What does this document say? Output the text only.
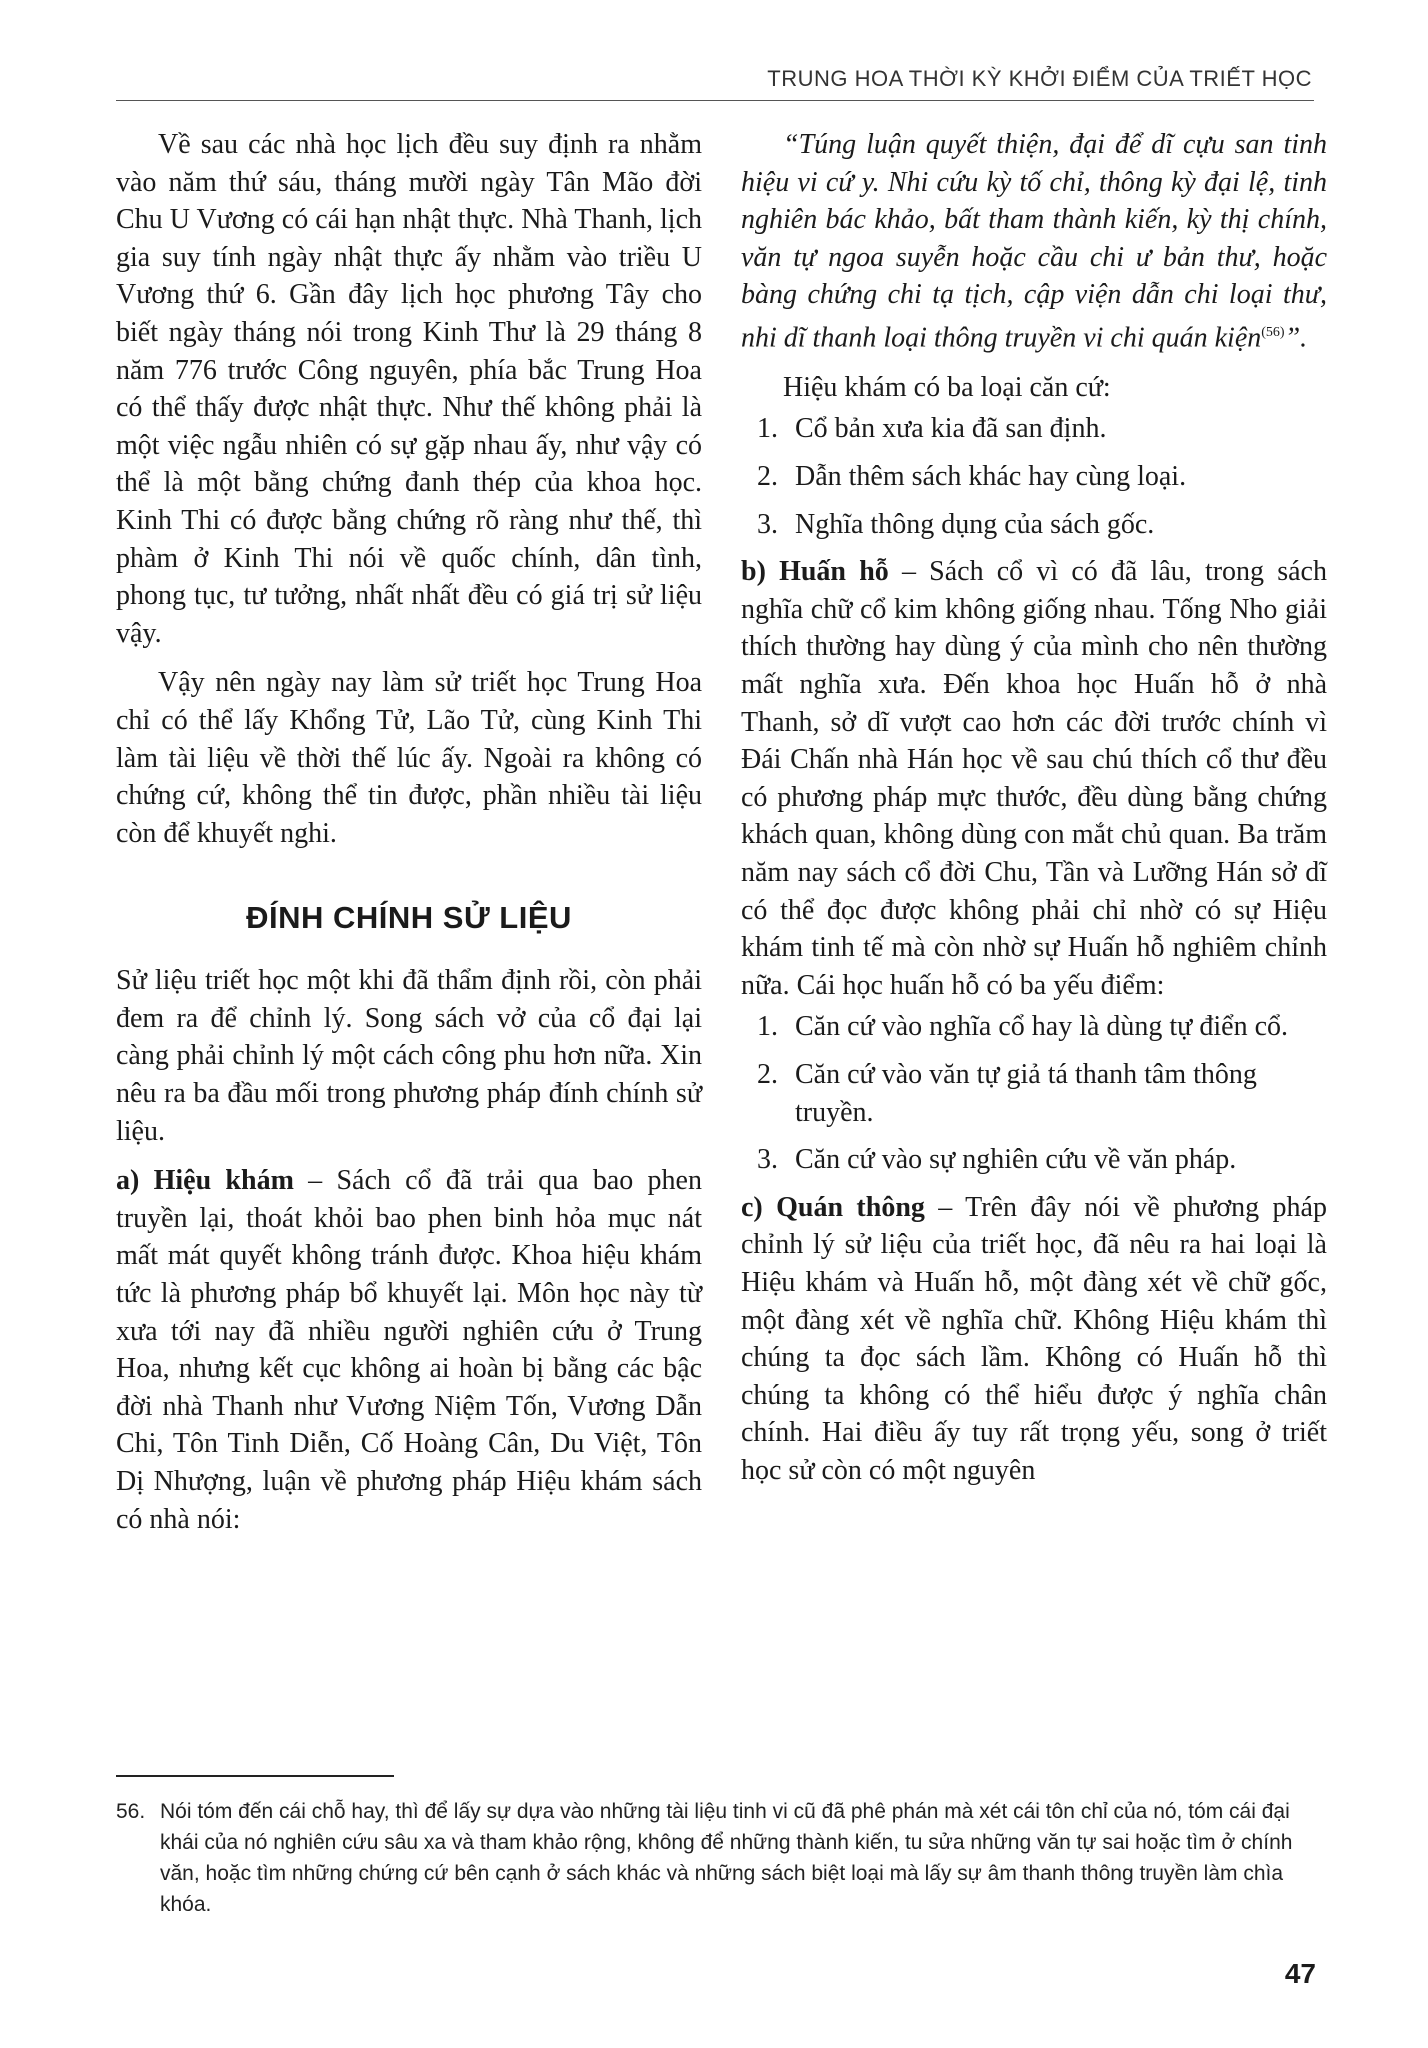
TRUNG HOA THỜI KỲ KHỞI ĐIỂM CỦA TRIẾT HỌC

Về sau các nhà học lịch đều suy định ra nhằm vào năm thứ sáu, tháng mười ngày Tân Mão đời Chu U Vương có cái hạn nhật thực. Nhà Thanh, lịch gia suy tính ngày nhật thực ấy nhằm vào triều U Vương thứ 6. Gần đây lịch học phương Tây cho biết ngày tháng nói trong Kinh Thư là 29 tháng 8 năm 776 trước Công nguyên, phía bắc Trung Hoa có thể thấy được nhật thực. Như thế không phải là một việc ngẫu nhiên có sự gặp nhau ấy, như vậy có thể là một bằng chứng đanh thép của khoa học. Kinh Thi có được bằng chứng rõ ràng như thế, thì phàm ở Kinh Thi nói về quốc chính, dân tình, phong tục, tư tưởng, nhất nhất đều có giá trị sử liệu vậy.

Vậy nên ngày nay làm sử triết học Trung Hoa chỉ có thể lấy Khổng Tử, Lão Tử, cùng Kinh Thi làm tài liệu về thời thế lúc ấy. Ngoài ra không có chứng cứ, không thể tin được, phần nhiều tài liệu còn để khuyết nghi.

ĐÍNH CHÍNH SỬ LIỆU

Sử liệu triết học một khi đã thẩm định rồi, còn phải đem ra để chỉnh lý. Song sách vở của cổ đại lại càng phải chỉnh lý một cách công phu hơn nữa. Xin nêu ra ba đầu mối trong phương pháp đính chính sử liệu.

a) Hiệu khám – Sách cổ đã trải qua bao phen truyền lại, thoát khỏi bao phen binh hỏa mục nát mất mát quyết không tránh được. Khoa hiệu khám tức là phương pháp bổ khuyết lại. Môn học này từ xưa tới nay đã nhiều người nghiên cứu ở Trung Hoa, nhưng kết cục không ai hoàn bị bằng các bậc đời nhà Thanh như Vương Niệm Tốn, Vương Dẫn Chi, Tôn Tinh Diễn, Cố Hoàng Cân, Du Việt, Tôn Dị Nhượng, luận về phương pháp Hiệu khám sách có nhà nói:

“Túng luận quyết thiện, đại để dĩ cựu san tinh hiệu vi cứ y. Nhi cứu kỳ tố chỉ, thông kỳ đại lệ, tinh nghiên bác khảo, bất tham thành kiến, kỳ thị chính, văn tự ngoa suyễn hoặc cầu chi ư bản thư, hoặc bàng chứng chi tạ tịch, cập viện dẫn chi loại thư, nhi dĩ thanh loại thông truyền vi chi quán kiện$^{(56)}$”.

Hiệu khám có ba loại căn cứ:

1. Cổ bản xưa kia đã san định.
2. Dẫn thêm sách khác hay cùng loại.
3. Nghĩa thông dụng của sách gốc.

b) Huấn hỗ – Sách cổ vì có đã lâu, trong sách nghĩa chữ cổ kim không giống nhau. Tống Nho giải thích thường hay dùng ý của mình cho nên thường mất nghĩa xưa. Đến khoa học Huấn hỗ ở nhà Thanh, sở dĩ vượt cao hơn các đời trước chính vì Đái Chấn nhà Hán học về sau chú thích cổ thư đều có phương pháp mực thước, đều dùng bằng chứng khách quan, không dùng con mắt chủ quan. Ba trăm năm nay sách cổ đời Chu, Tần và Lưỡng Hán sở dĩ có thể đọc được không phải chỉ nhờ có sự Hiệu khám tinh tế mà còn nhờ sự Huấn hỗ nghiêm chỉnh nữa. Cái học huấn hỗ có ba yếu điểm:

1. Căn cứ vào nghĩa cổ hay là dùng tự điển cổ.
2. Căn cứ vào văn tự giả tá thanh tâm thông truyền.
3. Căn cứ vào sự nghiên cứu về văn pháp.

c) Quán thông – Trên đây nói về phương pháp chỉnh lý sử liệu của triết học, đã nêu ra hai loại là Hiệu khám và Huấn hỗ, một đàng xét về chữ gốc, một đàng xét về nghĩa chữ. Không Hiệu khám thì chúng ta đọc sách lầm. Không có Huấn hỗ thì chúng ta không có thể hiểu được ý nghĩa chân chính. Hai điều ấy tuy rất trọng yếu, song ở triết học sử còn có một nguyên

56. Nói tóm đến cái chỗ hay, thì để lấy sự dựa vào những tài liệu tinh vi cũ đã phê phán mà xét cái tôn chỉ của nó, tóm cái đại khái của nó nghiên cứu sâu xa và tham khảo rộng, không để những thành kiến, tu sửa những văn tự sai hoặc tìm ở chính văn, hoặc tìm những chứng cứ bên cạnh ở sách khác và những sách biệt loại mà lấy sự âm thanh thông truyền làm chìa khóa.
47
